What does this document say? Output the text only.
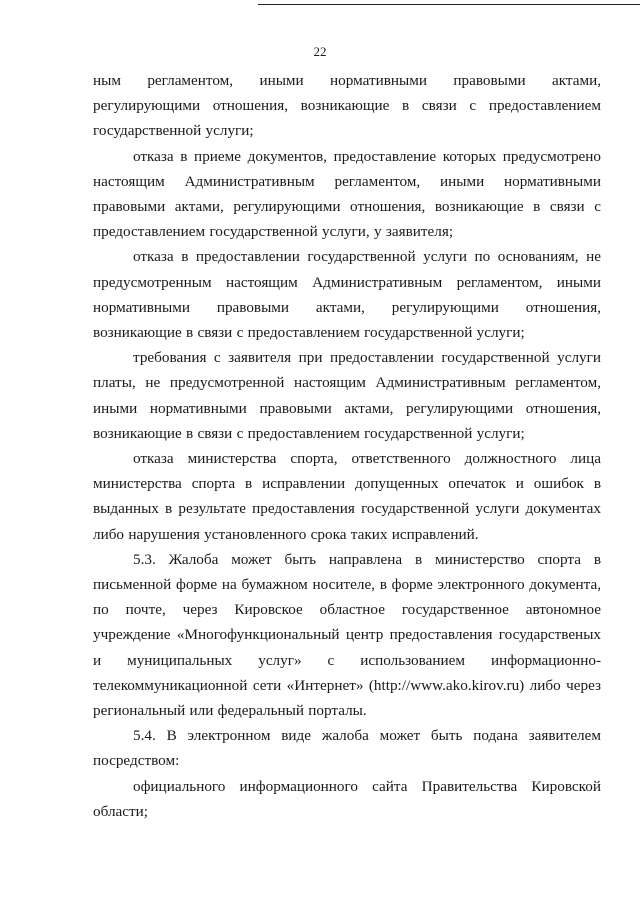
22

ным регламентом, иными нормативными правовыми актами, регулирующими отношения, возникающие в связи с предоставлением государственной услуги;

отказа в приеме документов, предоставление которых предусмотрено настоящим Административным регламентом, иными нормативными правовыми актами, регулирующими отношения, возникающие в связи с предоставлением государственной услуги, у заявителя;

отказа в предоставлении государственной услуги по основаниям, не предусмотренным настоящим Административным регламентом, иными нормативными правовыми актами, регулирующими отношения, возникающие в связи с предоставлением государственной услуги;

требования с заявителя при предоставлении государственной услуги платы, не предусмотренной настоящим Административным регламентом, иными нормативными правовыми актами, регулирующими отношения, возникающие в связи с предоставлением государственной услуги;

отказа министерства спорта, ответственного должностного лица министерства спорта в исправлении допущенных опечаток и ошибок в выданных в результате предоставления государственной услуги документах либо нарушения установленного срока таких исправлений.

5.3. Жалоба может быть направлена в министерство спорта в письменной форме на бумажном носителе, в форме электронного документа, по почте, через Кировское областное государственное автономное учреждение «Многофункциональный центр предоставления государственых и муниципальных услуг» с использованием информационно-телекоммуникационной сети «Интернет» (http://www.ako.kirov.ru) либо через региональный или федеральный порталы.

5.4. В электронном виде жалоба может быть подана заявителем посредством:

официального информационного сайта Правительства Кировской области;
